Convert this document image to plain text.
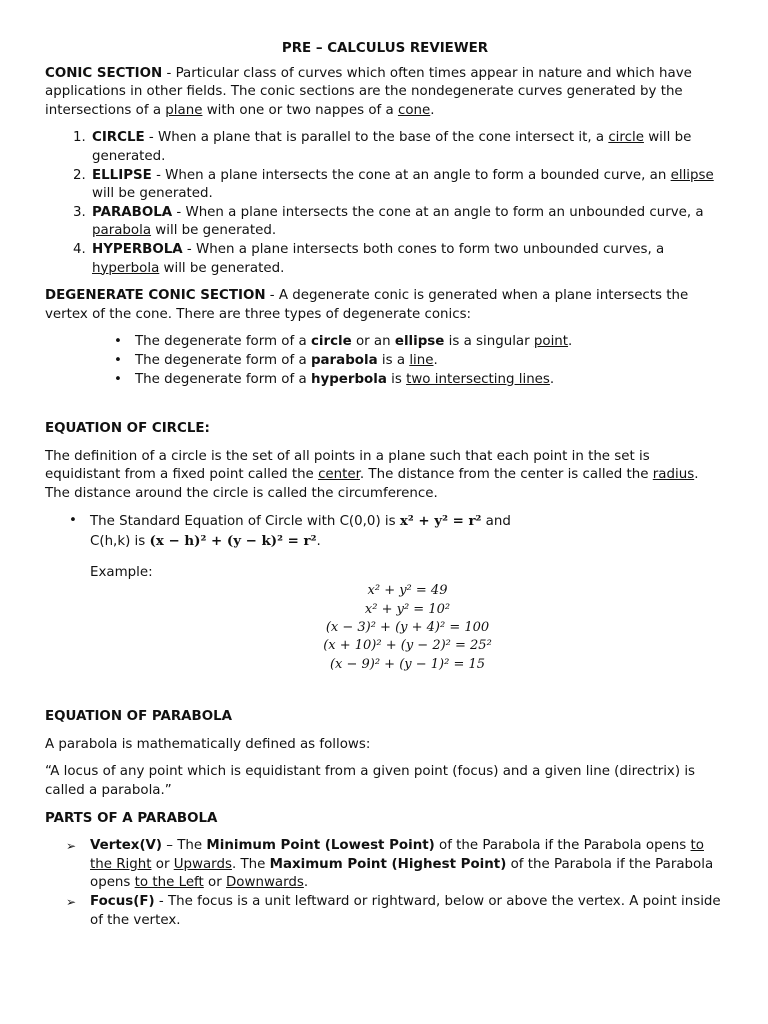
PRE – CALCULUS REVIEWER

CONIC SECTION - Particular class of curves which often times appear in nature and which have applications in other fields. The conic sections are the nondegenerate curves generated by the intersections of a plane with one or two nappes of a cone.

1. CIRCLE - When a plane that is parallel to the base of the cone intersect it, a circle will be generated.
2. ELLIPSE - When a plane intersects the cone at an angle to form a bounded curve, an ellipse will be generated.
3. PARABOLA - When a plane intersects the cone at an angle to form an unbounded curve, a parabola will be generated.
4. HYPERBOLA - When a plane intersects both cones to form two unbounded curves, a hyperbola will be generated.

DEGENERATE CONIC SECTION - A degenerate conic is generated when a plane intersects the vertex of the cone. There are three types of degenerate conics:

• The degenerate form of a circle or an ellipse is a singular point.
• The degenerate form of a parabola is a line.
• The degenerate form of a hyperbola is two intersecting lines.

EQUATION OF CIRCLE:

The definition of a circle is the set of all points in a plane such that each point in the set is equidistant from a fixed point called the center. The distance from the center is called the radius. The distance around the circle is called the circumference.

• The Standard Equation of Circle with C(0,0) is x² + y² = r² and
C(h,k) is (x − h)² + (y − k)² = r².
Example:
x² + y² = 49
x² + y² = 10²
(x − 3)² + (y + 4)² = 100
(x + 10)² + (y − 2)² = 25²
(x − 9)² + (y − 1)² = 15

EQUATION OF PARABOLA

A parabola is mathematically defined as follows:

“A locus of any point which is equidistant from a given point (focus) and a given line (directrix) is called a parabola.”

PARTS OF A PARABOLA

➢ Vertex(V) – The Minimum Point (Lowest Point) of the Parabola if the Parabola opens to the Right or Upwards. The Maximum Point (Highest Point) of the Parabola if the Parabola opens to the Left or Downwards.
➢ Focus(F) - The focus is a unit leftward or rightward, below or above the vertex. A point inside of the vertex.
